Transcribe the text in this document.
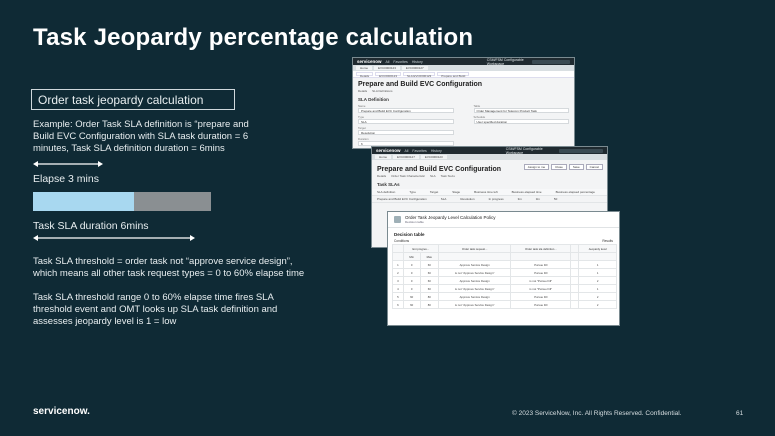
Task Jeopardy percentage calculation
Order task jeopardy calculation
Example: Order Task SLA definition is “prepare and
Build EVC Configuration with SLA task duration = 6
minutes, Task SLA definition duration = 6mins
Elapse 3 mins
Task SLA duration 6mins
Task SLA threshold = order task not “approve service design”,
which means all other task request types = 0 to 60% elapse time
Task SLA threshold range 0 to 60% elapse time fires SLA
threshold event and OMT looks up SLA task definition and
assesses jeopardy level is 1 = low
servicenow All Favorites History	CSM/FSM Configurable Workspace
Home	EVC0000123	EVC0000127
Details	EVC0000123	SLA EVC0000123	Prepare and Build
Prepare and Build EVC Configuration
Details SLA Definitions
SLA Definition
Name
Prepare and Build EVC Configuration
Type
SLA
Target
Resolution
Duration
6
Table
Order Management for Telecom Product Task
Schedule
User specified duration
servicenow All Favorites History	CSM/FSM Configurable Workspace
Home	EVC0000127	EVC0000123
Prepare and Build EVC Configuration	Assign to me	Close	Save	Cancel
Details Order Task Characteristic SLA Task SLAs
Task SLAs
SLA definition	Type	Target	Stage	Business time left	Business elapsed time	Business elapsed percentage
Prepare and Build EVC Configuration	SLA	Resolution	In progress	3m	3m	50
Order Task Jeopardy Level Calculation Policy
Decision table
Decision table
Conditions	Results
	Ext progres...		Order task request...	Order task sla definition...		Jeopardy level
	Min	Max				
1	0	60	Approve Service Design	Pursue Fill		1
2	0	60	is not "Approve Service Design"	Pursue Fill		1
3	0	60	Approve Service Design	is not "Pursue Fill"		2
4	0	60	is not "Approve Service Design"	is not "Pursue Fill"		1
5	60	80	Approve Service Design	Pursue Fill		2
6	60	80	is not "Approve Service Design"	Pursue Fill		2
servicenow.	© 2023 ServiceNow, Inc. All Rights Reserved. Confidential.	61
